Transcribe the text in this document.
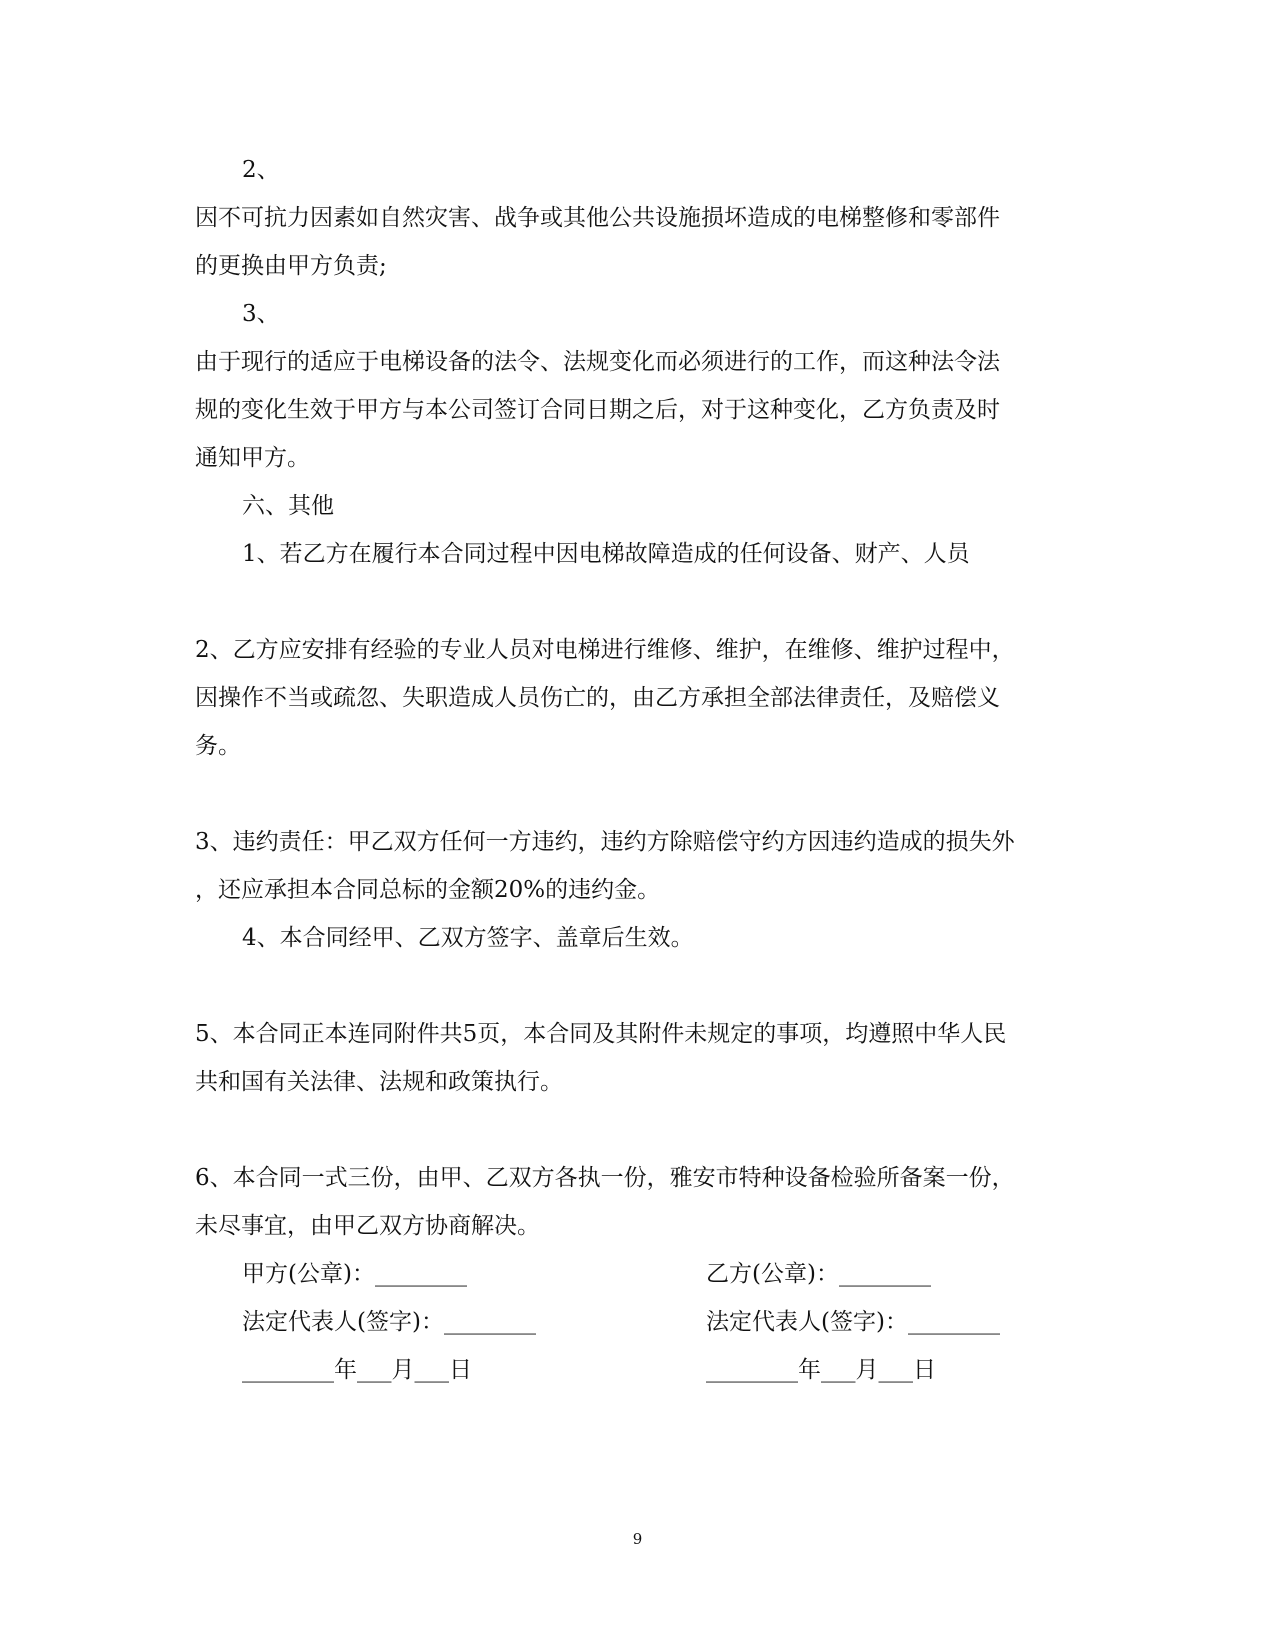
2、
因不可抗力因素如自然灾害、战争或其他公共设施损坏造成的电梯整修和零部件
的更换由甲方负责;
3、
由于现行的适应于电梯设备的法令、法规变化而必须进行的工作，而这种法令法
规的变化生效于甲方与本公司签订合同日期之后，对于这种变化，乙方负责及时
通知甲方。
六、其他
1、若乙方在履行本合同过程中因电梯故障造成的任何设备、财产、人员
2、乙方应安排有经验的专业人员对电梯进行维修、维护，在维修、维护过程中，
因操作不当或疏忽、失职造成人员伤亡的，由乙方承担全部法律责任，及赔偿义
务。
3、违约责任：甲乙双方任何一方违约，违约方除赔偿守约方因违约造成的损失外
，还应承担本合同总标的金额20%的违约金。
4、本合同经甲、乙双方签字、盖章后生效。
5、本合同正本连同附件共5页，本合同及其附件未规定的事项，均遵照中华人民
共和国有关法律、法规和政策执行。
6、本合同一式三份，由甲、乙双方各执一份，雅安市特种设备检验所备案一份，
未尽事宜，由甲乙双方协商解决。
甲方(公章)：________	乙方(公章)：________
法定代表人(签字)：________	法定代表人(签字)：________
________年___月___日	________年___月___日
9
